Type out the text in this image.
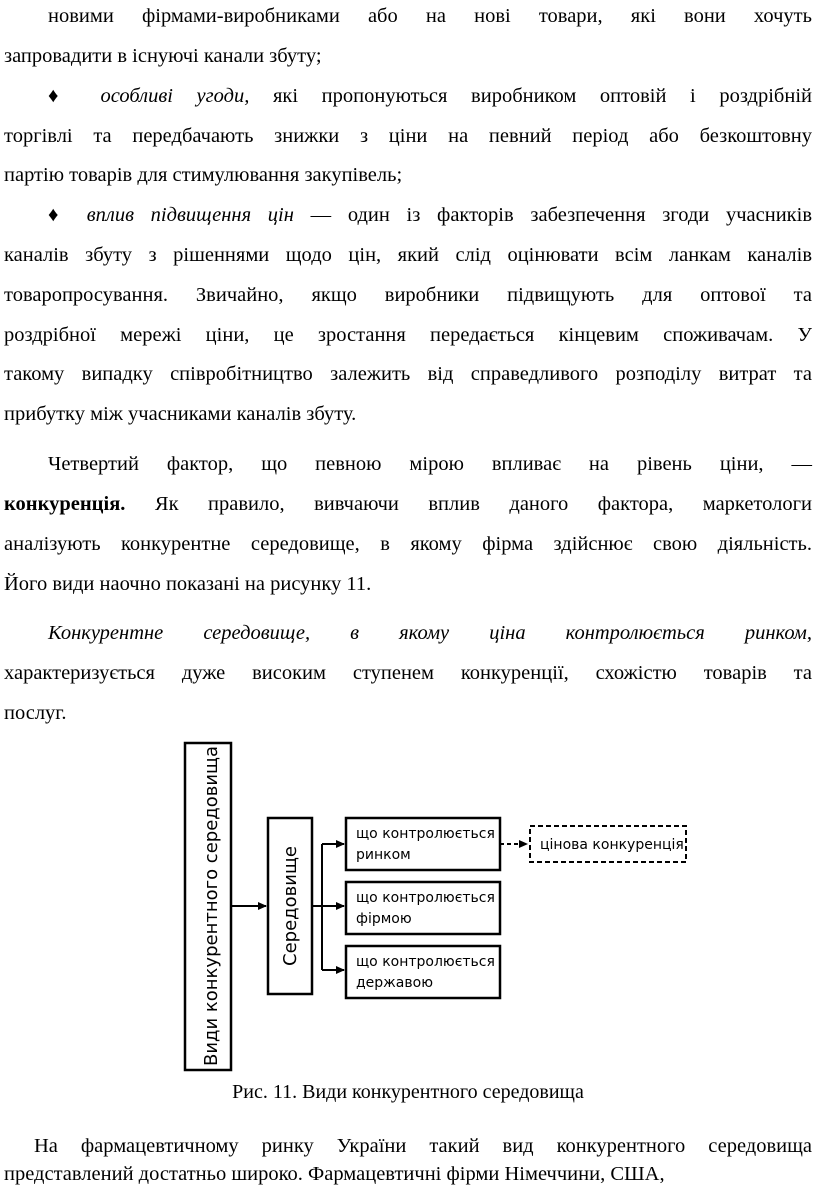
новими фірмами-виробниками або на нові товари, які вони хочуть
запровадити в існуючі канали збуту;
♦ особливі угоди, які пропонуються виробником оптовій і роздрібній
торгівлі та передбачають знижки з ціни на певний період або безкоштовну
партію товарів для стимулювання закупівель;
♦ вплив підвищення цін — один із факторів забезпечення згоди учасників
каналів збуту з рішеннями щодо цін, який слід оцінювати всім ланкам каналів
товаропросування. Звичайно, якщо виробники підвищують для оптової та
роздрібної мережі ціни, це зростання передається кінцевим споживачам. У
такому випадку співробітництво залежить від справедливого розподілу витрат та
прибутку між учасниками каналів збуту.
Четвертий фактор, що певною мірою впливає на рівень ціни, —
конкуренція. Як правило, вивчаючи вплив даного фактора, маркетологи
аналізують конкурентне середовище, в якому фірма здійснює свою діяльність.
Його види наочно показані на рисунку 11.
Конкурентне середовище, в якому ціна контролюється ринком,
характеризується дуже високим ступенем конкуренції, схожістю товарів та
послуг.
Види конкурентного середовища	Середовище
що контролюється
ринком
що контролюється
фірмою
що контролюється
державою
цінова конкуренція
Рис. 11. Види конкурентного середовища
На фармацевтичному ринку України такий вид конкурентного середовища
представлений достатньо широко. Фармацевтичні фірми Німеччини, США,
